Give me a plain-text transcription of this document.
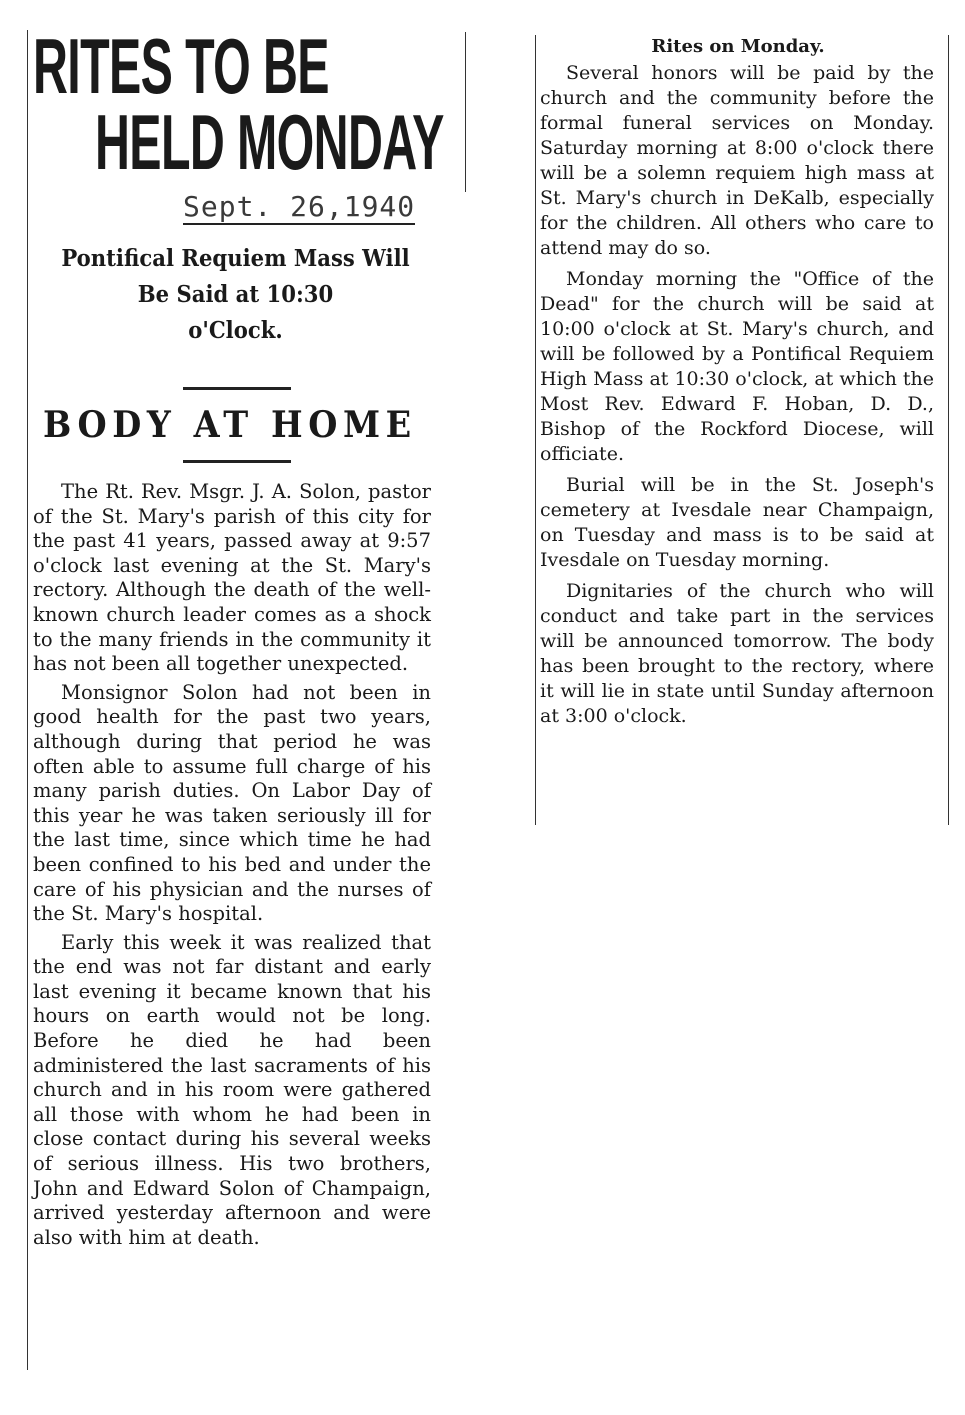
RITES TO BE
HELD MONDAY
Sept. 26,1940
Pontifical Requiem Mass Will
Be Said at 10:30
o'Clock.
BODY AT HOME

The Rt. Rev. Msgr. J. A. Solon, pastor of the St. Mary's parish of this city for the past 41 years, passed away at 9:57 o'clock last evening at the St. Mary's rectory. Although the death of the well-known church leader comes as a shock to the many friends in the community it has not been all together unexpected.

Monsignor Solon had not been in good health for the past two years, although during that period he was often able to assume full charge of his many parish duties. On Labor Day of this year he was taken seriously ill for the last time, since which time he had been confined to his bed and under the care of his physician and the nurses of the St. Mary's hospital.

Early this week it was realized that the end was not far distant and early last evening it became known that his hours on earth would not be long. Before he died he had been administered the last sacraments of his church and in his room were gathered all those with whom he had been in close contact during his several weeks of serious illness. His two brothers, John and Edward Solon of Champaign, arrived yesterday afternoon and were also with him at death.

Rites on Monday.

Several honors will be paid by the church and the community before the formal funeral services on Monday. Saturday morning at 8:00 o'clock there will be a solemn requiem high mass at St. Mary's church in DeKalb, especially for the children. All others who care to attend may do so.

Monday morning the "Office of the Dead" for the church will be said at 10:00 o'clock at St. Mary's church, and will be followed by a Pontifical Requiem High Mass at 10:30 o'clock, at which the Most Rev. Edward F. Hoban, D. D., Bishop of the Rockford Diocese, will officiate.

Burial will be in the St. Joseph's cemetery at Ivesdale near Champaign, on Tuesday and mass is to be said at Ivesdale on Tuesday morning.

Dignitaries of the church who will conduct and take part in the services will be announced tomorrow. The body has been brought to the rectory, where it will lie in state until Sunday afternoon at 3:00 o'clock.
